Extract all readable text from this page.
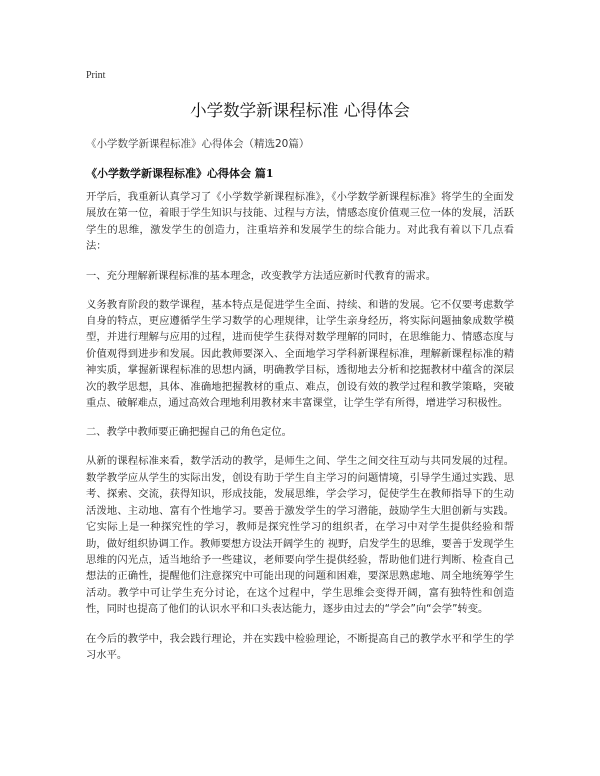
Print
小学数学新课程标准 心得体会
《小学数学新课程标准》心得体会（精选20篇）
《小学数学新课程标准》心得体会 篇1

开学后，我重新认真学习了《小学数学新课程标准》，《小学数学新课程标准》将学生的全面发展放在第一位，着眼于学生知识与技能、过程与方法，情感态度价值观三位一体的发展，活跃学生的思维，激发学生的创造力，注重培养和发展学生的综合能力。对此我有着以下几点看法：

一、充分理解新课程标准的基本理念，改变教学方法适应新时代教育的需求。

义务教育阶段的数学课程，基本特点是促进学生全面、持续、和谐的发展。它不仅要考虑数学自身的特点，更应遵循学生学习数学的心理规律，让学生亲身经历，将实际问题抽象成数学模型，并进行理解与应用的过程，进而使学生获得对数学理解的同时，在思维能力、情感态度与价值观得到进步和发展。因此教师要深入、全面地学习学科新课程标准，理解新课程标准的精神实质，掌握新课程标准的思想内涵，明确教学目标，透彻地去分析和挖掘教材中蕴含的深层次的教学思想，具体、准确地把握教材的重点、难点，创设有效的教学过程和教学策略，突破重点、破解难点，通过高效合理地利用教材来丰富课堂，让学生学有所得，增进学习积极性。

二、教学中教师要正确把握自己的角色定位。

从新的课程标准来看，数学活动的教学，是师生之间、学生之间交往互动与共同发展的过程。数学教学应从学生的实际出发，创设有助于学生自主学习的问题情境，引导学生通过实践、思考、探索、交流，获得知识，形成技能，发展思维，学会学习，促使学生在教师指导下的生动活泼地、主动地、富有个性地学习。要善于激发学生的学习潜能，鼓励学生大胆创新与实践。它实际上是一种探究性的学习，教师是探究性学习的组织者，在学习中对学生提供经验和帮助，做好组织协调工作。教师要想方设法开阔学生的 视野，启发学生的思维，要善于发现学生思维的闪光点，适当地给予一些建议，老师要向学生提供经验，帮助他们进行判断、检查自己想法的正确性，提醒他们注意探究中可能出现的问题和困难，要深思熟虑地、周全地统筹学生活动。教学中可让学生充分讨论，在这个过程中，学生思维会变得开阔，富有独特性和创造性，同时也提高了他们的认识水平和口头表达能力，逐步由过去的“学会”向“会学”转变。

在今后的教学中，我会践行理论，并在实践中检验理论，不断提高自己的教学水平和学生的学习水平。
